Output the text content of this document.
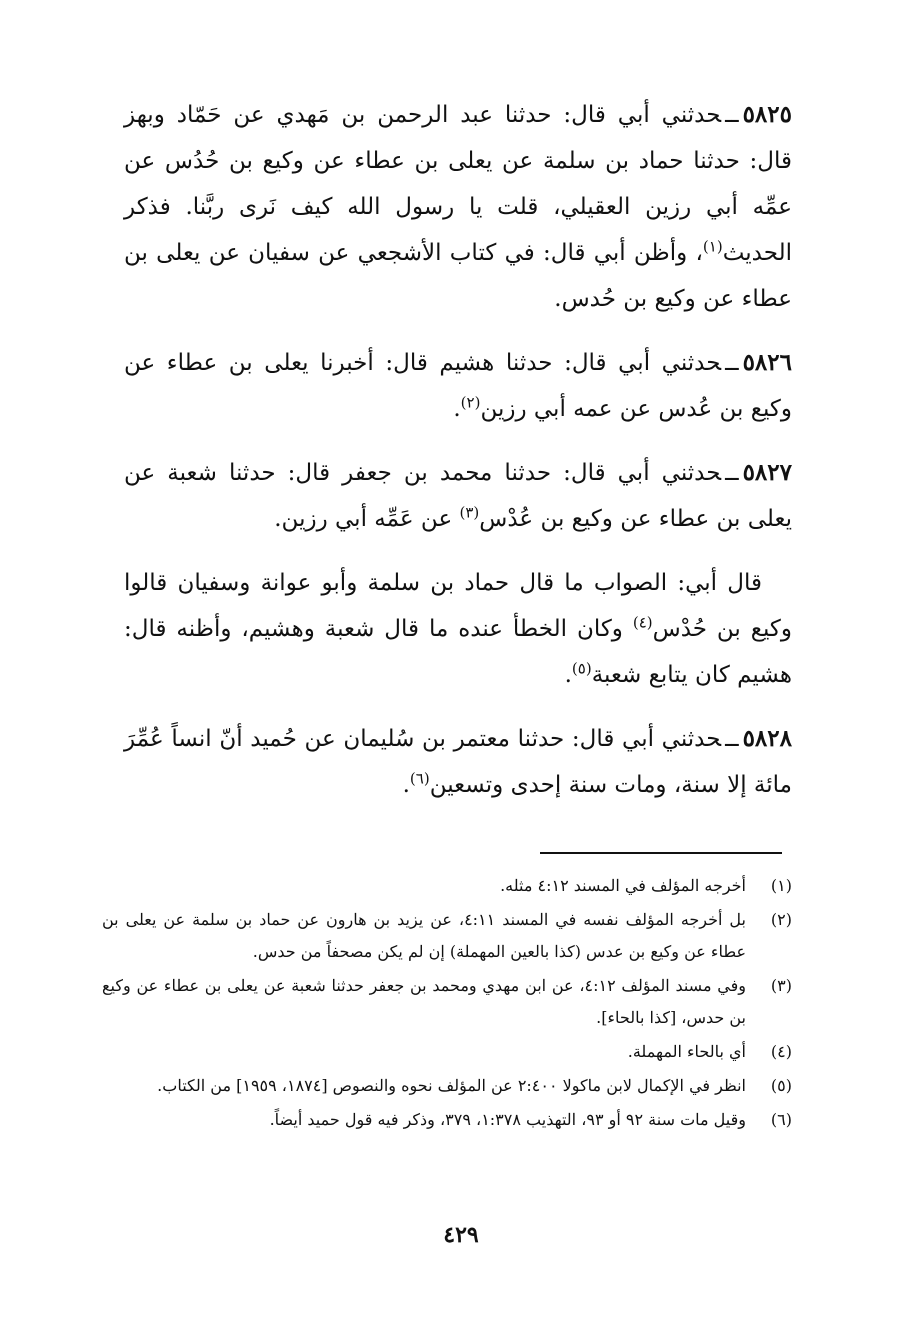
٥٨٢٥ــحدثني أبي قال: حدثنا عبد الرحمن بن مَهدي عن حَمّاد وبهز قال: حدثنا حماد بن سلمة عن يعلى بن عطاء عن وكيع بن حُدُس عن عمِّه أبي رزين العقيلي، قلت يا رسول الله كيف نَرى ربَّنا. فذكر الحديث$^{(١)}$، وأظن أبي قال: في كتاب الأشجعي عن سفيان عن يعلى بن عطاء عن وكيع بن حُدس.

٥٨٢٦ــحدثني أبي قال: حدثنا هشيم قال: أخبرنا يعلى بن عطاء عن وكيع بن عُدس عن عمه أبي رزين$^{(٢)}$.

٥٨٢٧ــحدثني أبي قال: حدثنا محمد بن جعفر قال: حدثنا شعبة عن يعلى بن عطاء عن وكيع بن عُدْس$^{(٣)}$ عن عَمِّه أبي رزين.

قال أبي: الصواب ما قال حماد بن سلمة وأبو عوانة وسفيان قالوا وكيع بن حُدْس$^{(٤)}$ وكان الخطأ عنده ما قال شعبة وهشيم، وأظنه قال: هشيم كان يتابع شعبة$^{(٥)}$.

٥٨٢٨ــحدثني أبي قال: حدثنا معتمر بن سُليمان عن حُميد أنّ انساً عُمِّرَ مائة إلا سنة، ومات سنة إحدى وتسعين$^{(٦)}$.

(١)
أخرجه المؤلف في المسند ٤:١٢ مثله.
(٢)
بل أخرجه المؤلف نفسه في المسند ٤:١١، عن يزيد بن هارون عن حماد بن سلمة عن يعلى بن عطاء عن وكيع بن عدس (كذا بالعين المهملة) إن لم يكن مصحفاً من حدس.
(٣)
وفي مسند المؤلف ٤:١٢، عن ابن مهدي ومحمد بن جعفر حدثنا شعبة عن يعلى بن عطاء عن وكيع بن حدس، [كذا بالحاء].
(٤)
أي بالحاء المهملة.
(٥)
انظر في الإكمال لابن ماكولا ٢:٤٠٠ عن المؤلف نحوه والنصوص [١٨٧٤، ١٩٥٩] من الكتاب.
(٦)
وقيل مات سنة ٩٢ أو ٩٣، التهذيب ١:٣٧٨، ٣٧٩، وذكر فيه قول حميد أيضاً.
٤٢٩
